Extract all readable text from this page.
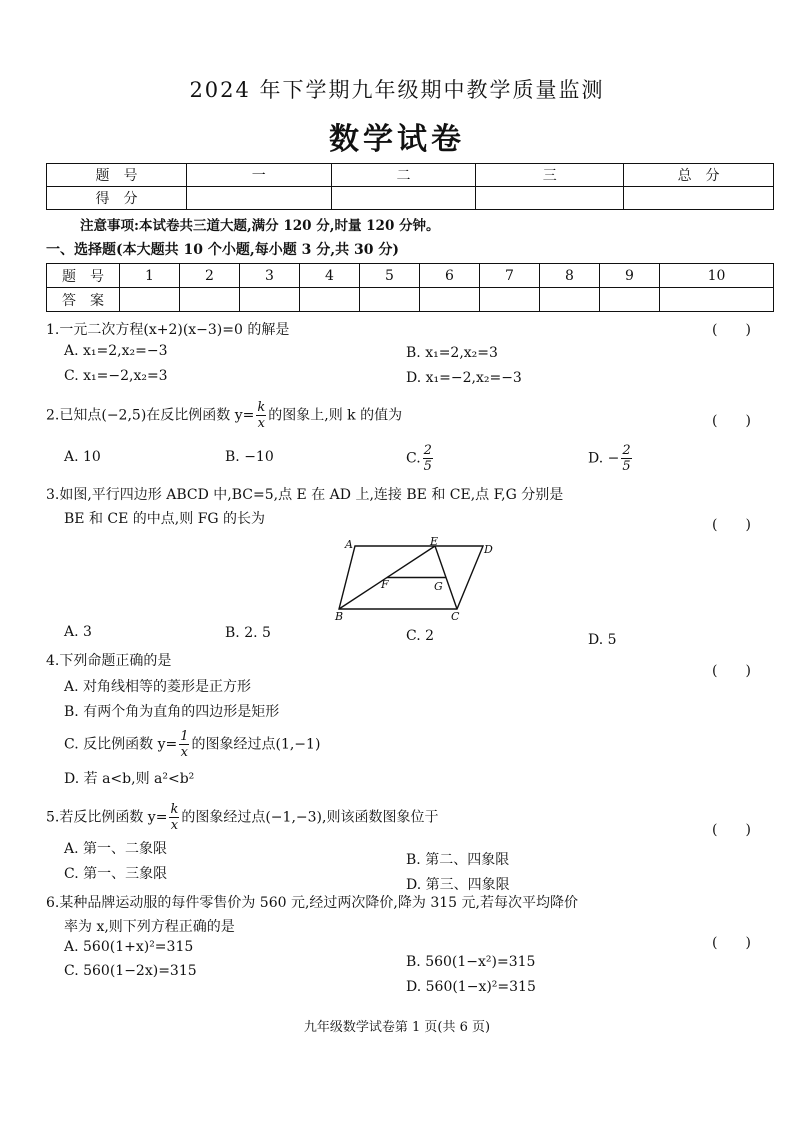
2024 年下学期九年级期中教学质量监测
数学试卷
题　号	一	二	三	总　分
得　分				
注意事项:本试卷共三道大题,满分 120 分,时量 120 分钟。
一、选择题(本大题共 10 个小题,每小题 3 分,共 30 分)
题　号	1	2	3	4	5	6	7	8	9	10
答　案										
1.一元二次方程(x+2)(x−3)=0 的解是	(　　)
A. x₁=2,x₂=−3	B. x₁=2,x₂=3
C. x₁=−2,x₂=3	D. x₁=−2,x₂=−3
2.已知点(−2,5)在反比例函数 $y= \frac{k}{x}$ 的图象上,则 k 的值为	(　　)
A. 10	B. −10	C. $\frac{2}{5}$	D. − $\frac{2}{5}$
3.如图,平行四边形 ABCD 中,BC=5,点 E 在 AD 上,连接 BE 和 CE,点 F,G 分别是
BE 和 CE 的中点,则 FG 的长为	(　　)
A	E
D
F	G
B	C
A. 3	B. 2. 5	C. 2	D. 5
4.下列命题正确的是
(　　)
A. 对角线相等的菱形是正方形
B. 有两个角为直角的四边形是矩形
C. 反比例函数 $y= \frac{1}{x}$ 的图象经过点(1,−1)
D. 若 a<b,则 a²<b²
5.若反比例函数 $y= \frac{k}{x}$ 的图象经过点(−1,−3),则该函数图象位于
(　　)
A. 第一、二象限
B. 第二、四象限
C. 第一、三象限
D. 第三、四象限
6.某种品牌运动服的每件零售价为 560 元,经过两次降价,降为 315 元,若每次平均降价
率为 x,则下列方程正确的是
(　　)
A. 560(1+x)²=315
B. 560(1−x²)=315
C. 560(1−2x)=315
D. 560(1−x)²=315
九年级数学试卷第 1 页(共 6 页)
